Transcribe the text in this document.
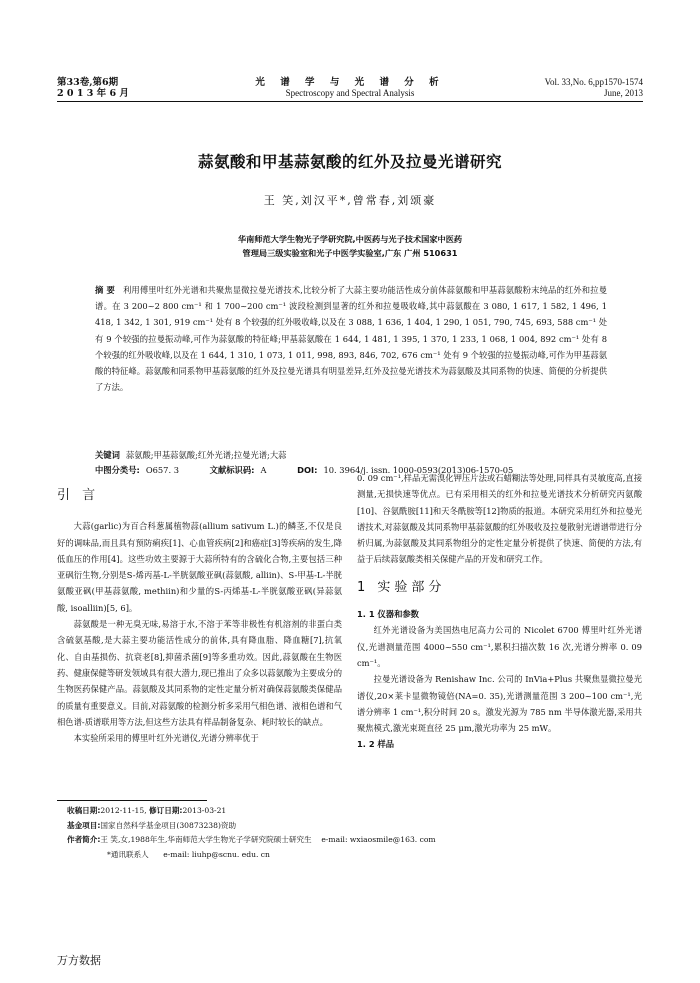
第33卷,第6期
2 0 1 3 年 6 月
光 谱 学 与 光 谱 分 析
Spectroscopy and Spectral Analysis
Vol. 33,No. 6,pp1570-1574
June, 2013
蒜氨酸和甲基蒜氨酸的红外及拉曼光谱研究
王 笑,刘汉平*,曾常春,刘颂豪
华南师范大学生物光子学研究院,中医药与光子技术国家中医药
管理局三级实验室和光子中医学实验室,广东 广州 510631
摘 要 利用傅里叶红外光谱和共聚焦显微拉曼光谱技术,比较分析了大蒜主要功能活性成分前体蒜氨酸和甲基蒜氨酸粉末纯品的红外和拉曼谱。在 3 200~2 800 cm⁻¹ 和 1 700~200 cm⁻¹ 波段检测到显著的红外和拉曼吸收峰,其中蒜氨酸在 3 080, 1 617, 1 582, 1 496, 1 418, 1 342, 1 301, 919 cm⁻¹ 处有 8 个较强的红外吸收峰,以及在 3 088, 1 636, 1 404, 1 290, 1 051, 790, 745, 693, 588 cm⁻¹ 处有 9 个较强的拉曼振动峰,可作为蒜氨酸的特征峰;甲基蒜氨酸在 1 644, 1 481, 1 395, 1 370, 1 233, 1 068, 1 004, 892 cm⁻¹ 处有 8 个较强的红外吸收峰,以及在 1 644, 1 310, 1 073, 1 011, 998, 893, 846, 702, 676 cm⁻¹ 处有 9 个较强的拉曼振动峰,可作为甲基蒜氨酸的特征峰。蒜氨酸和同系物甲基蒜氨酸的红外及拉曼光谱具有明显差异,红外及拉曼光谱技术为蒜氨酸及其同系物的快速、简便的分析提供了方法。
关键词 蒜氨酸;甲基蒜氨酸;红外光谱;拉曼光谱;大蒜
中图分类号: O657. 3	文献标识码: A	DOI: 10. 3964/j. issn. 1000-0593(2013)06-1570-05
引 言
大蒜(garlic)为百合科葱属植物蒜(allium sativum L.)的鳞茎,不仅是良好的调味品,而且具有预防痢疾[1]、心血管疾病[2]和癌症[3]等疾病的发生,降低血压的作用[4]。这些功效主要源于大蒜所特有的含硫化合物,主要包括三种亚砜衍生物,分别是S-烯丙基-L-半胱氨酸亚砜(蒜氨酸, alliin)、S-甲基-L-半胱氨酸亚砜(甲基蒜氨酸, methiin)和少量的S-丙烯基-L-半胱氨酸亚砜(异蒜氨酸, isoalliin)[5, 6]。
蒜氨酸是一种无臭无味,易溶于水,不溶于苯等非极性有机溶剂的非蛋白类含硫氨基酸,是大蒜主要功能活性成分的前体,具有降血脂、降血糖[7],抗氧化、自由基损伤、抗衰老[8],抑菌杀菌[9]等多重功效。因此,蒜氨酸在生物医药、健康保健等研发领域具有很大潜力,现已推出了众多以蒜氨酸为主要成分的生物医药保健产品。蒜氨酸及其同系物的定性定量分析对确保蒜氨酸类保健品的质量有重要意义。目前,对蒜氨酸的检测分析多采用气相色谱、液相色谱和气相色谱-质谱联用等方法,但这些方法具有样品制备复杂、耗时较长的缺点。
本实验所采用的傅里叶红外光谱仪,光谱分辨率优于
0. 09 cm⁻¹,样品无需溴化钾压片法或石蜡糊法等处理,同样具有灵敏度高,直接测量,无损快速等优点。已有采用相关的红外和拉曼光谱技术分析研究丙氨酸[10]、谷氨酰胺[11]和天冬酰胺等[12]物质的报道。本研究采用红外和拉曼光谱技术,对蒜氨酸及其同系物甲基蒜氨酸的红外吸收及拉曼散射光谱谱带进行分析归属,为蒜氨酸及其同系物组分的定性定量分析提供了快速、简便的方法,有益于后续蒜氨酸类相关保健产品的开发和研究工作。
1 实验部分
1. 1 仪器和参数
红外光谱设备为美国热电尼高力公司的 Nicolet 6700 傅里叶红外光谱仪,光谱测量范围 4000~550 cm⁻¹,累积扫描次数 16 次,光谱分辨率 0. 09 cm⁻¹。
拉曼光谱设备为 Renishaw Inc. 公司的 InVia+Plus 共聚焦显微拉曼光谱仪,20×莱卡显微物镜倍(NA=0. 35),光谱测量范围 3 200~100 cm⁻¹,光谱分辨率 1 cm⁻¹,积分时间 20 s。激发光源为 785 nm 半导体激光器,采用共聚焦模式,激光束斑直径 25 μm,激光功率为 25 mW。
1. 2 样品
收稿日期:2012-11-15, 修订日期:2013-03-21
基金项目:国家自然科学基金项目(30873238)资助
作者简介:王 笑,女,1988年生,华南师范大学生物光子学研究院硕士研究生 e-mail: wxiaosmile@163. com
*通讯联系人 e-mail: liuhp@scnu. edu. cn
万方数据
